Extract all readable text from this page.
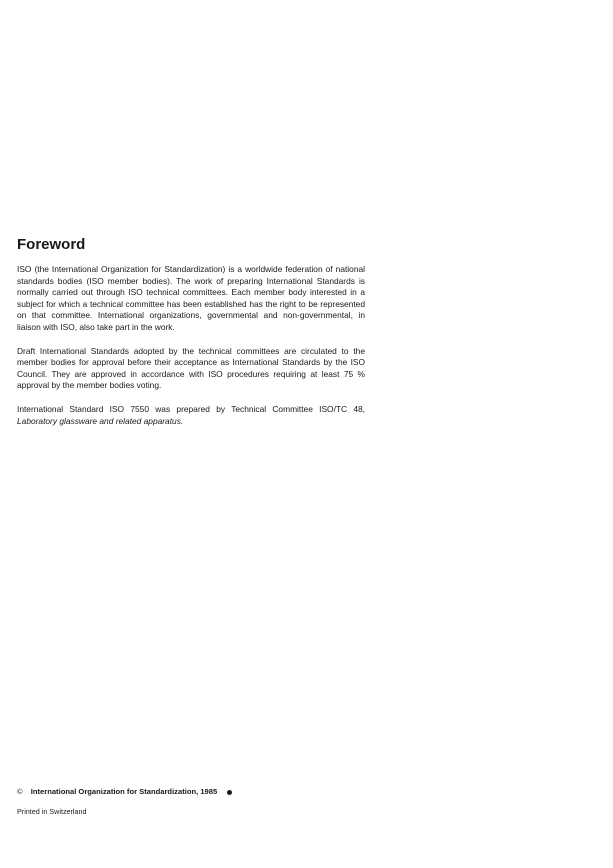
Foreword

ISO (the International Organization for Standardization) is a worldwide federation of national standards bodies (ISO member bodies). The work of preparing International Standards is normally carried out through ISO technical committees. Each member body interested in a subject for which a technical committee has been established has the right to be represented on that committee. International organizations, governmental and non-governmental, in liaison with ISO, also take part in the work.

Draft International Standards adopted by the technical committees are circulated to the member bodies for approval before their acceptance as International Standards by the ISO Council. They are approved in accordance with ISO procedures requiring at least 75 % approval by the member bodies voting.

International Standard ISO 7550 was prepared by Technical Committee ISO/TC 48, Laboratory glassware and related apparatus.

© International Organization for Standardization, 1985
Printed in Switzerland
